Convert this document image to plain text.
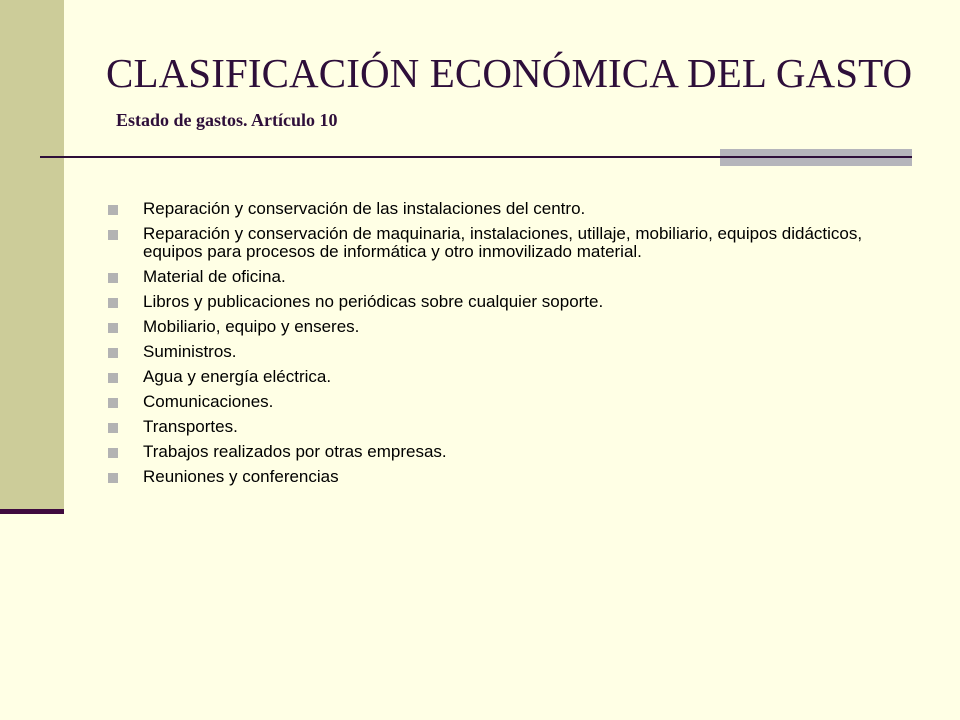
CLASIFICACIÓN ECONÓMICA DEL GASTO
Estado de gastos. Artículo 10
Reparación y conservación de las instalaciones del centro.
Reparación y conservación de maquinaria, instalaciones, utillaje, mobiliario, equipos didácticos, equipos para procesos de informática y otro inmovilizado material.
Material de oficina.
Libros y publicaciones no periódicas sobre cualquier soporte.
Mobiliario, equipo y enseres.
Suministros.
Agua y energía eléctrica.
Comunicaciones.
Transportes.
Trabajos realizados por otras empresas.
Reuniones y conferencias
